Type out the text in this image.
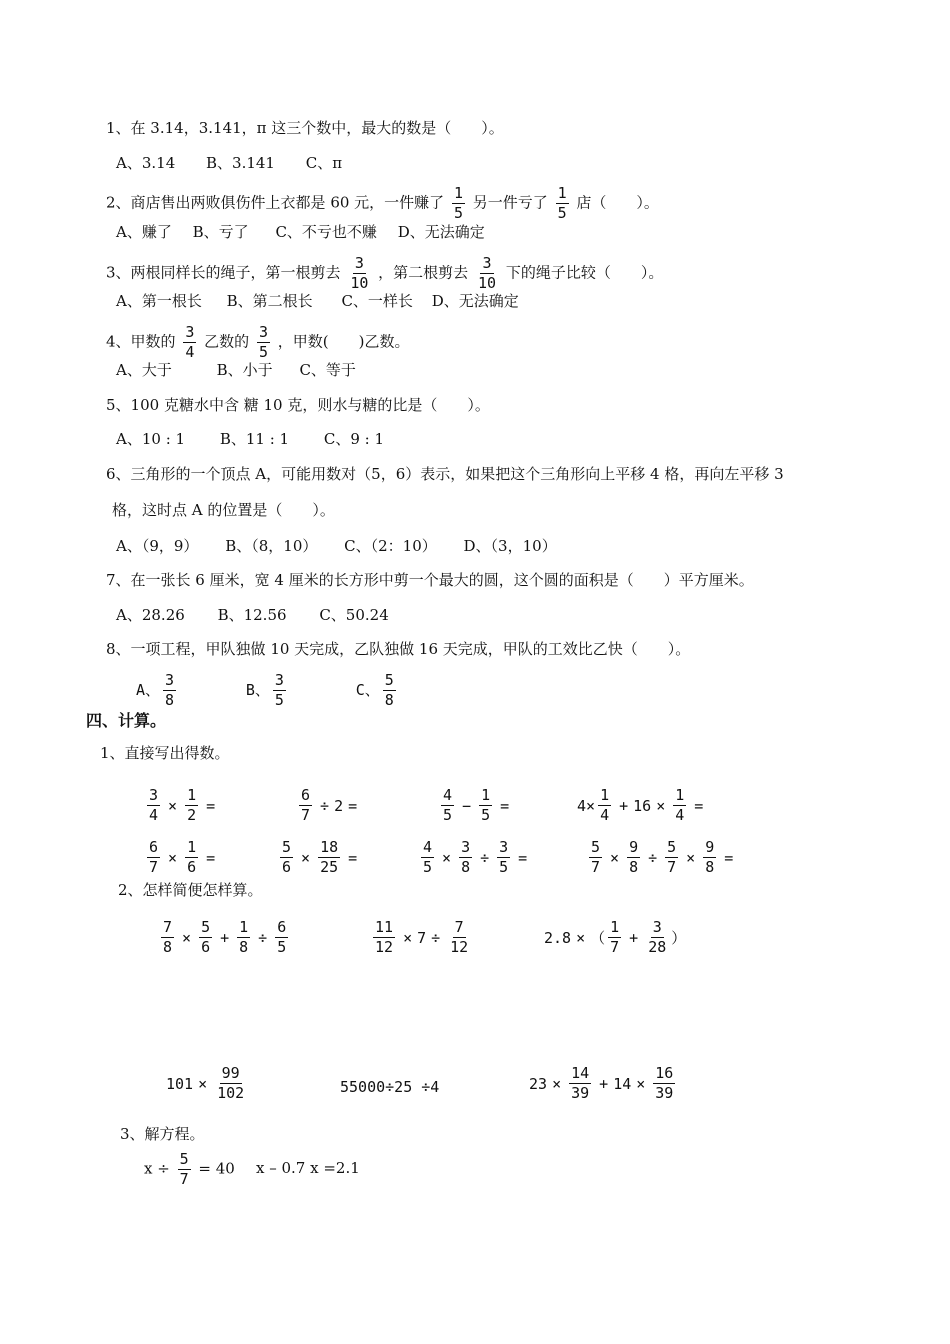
1、在 3.14，3.141，π 这三个数中，最大的数是（　　）。
A、3.14 B、3.141 C、π
2、商店售出两败俱伤件上衣都是 60 元，一件赚了 $\frac{1}{5}$ 另一件亏了 $\frac{1}{5}$ 店（　　）。
A、赚了 B、亏了 C、不亏也不赚 D、无法确定
3、两根同样长的绳子，第一根剪去 $\frac{3}{10}$ ，第二根剪去 $\frac{3}{10}$ 下的绳子比较（　　）。
A、第一根长 B、第二根长 C、一样长 D、无法确定
4、甲数的 $\frac{3}{4}$ 乙数的 $\frac{3}{5}$ ，甲数(　　)乙数。
A、大于	B、小于 C、等于
5、100 克糖水中含 糖 10 克，则水与糖的比是（　　）。
A、10 : 1 B、11 : 1 C、9 : 1
6、三角形的一个顶点 A，可能用数对（5，6）表示，如果把这个三角形向上平移 4 格，再向左平移 3
格，这时点 A 的位置是（　　）。
A、（9，9） B、（8，10） C、（2：10） D、（3，10）
7、在一张长 6 厘米，宽 4 厘米的长方形中剪一个最大的圆，这个圆的面积是（　　）平方厘米。
A、28.26 B、12.56 C、50.24
8、一项工程，甲队独做 10 天完成，乙队独做 16 天完成，甲队的工效比乙快（　　）。
A、 $\frac{3}{8}$	B、 $\frac{3}{5}$	C、 $\frac{5}{8}$
四、计算。
1、直接写出得数。
$\frac{3}{4} \times \frac{1}{2}$ =	$\frac{6}{7} \div 2$ =	$\frac{4}{5} - \frac{1}{5}$ =	$4\times \frac{1}{4} + 16 \times \frac{1}{4}$ =
$\frac{6}{7} \times \frac{1}{6}$ =	$\frac{5}{6} \times \frac{18}{25}$ =	$\frac{4}{5} \times \frac{3}{8} \div \frac{3}{5}$ =	$\frac{5}{7} \times \frac{9}{8} \div \frac{5}{7} \times \frac{9}{8}$ =
2、怎样简便怎样算。
$\frac{7}{8} \times \frac{5}{6} + \frac{1}{8} \div \frac{6}{5}$	$\frac{11}{12} \times 7 \div \frac{7}{12}$	2.8 × （ $\frac{1}{7} + \frac{3}{28}$ ）
$101 \times \frac{99}{102}$	55000÷25 ÷4	$23 \times \frac{14}{39} + 14 \times \frac{16}{39}$
3、解方程。
$x \div \frac{5}{7} = 40$ x – 0.7 x =2.1
